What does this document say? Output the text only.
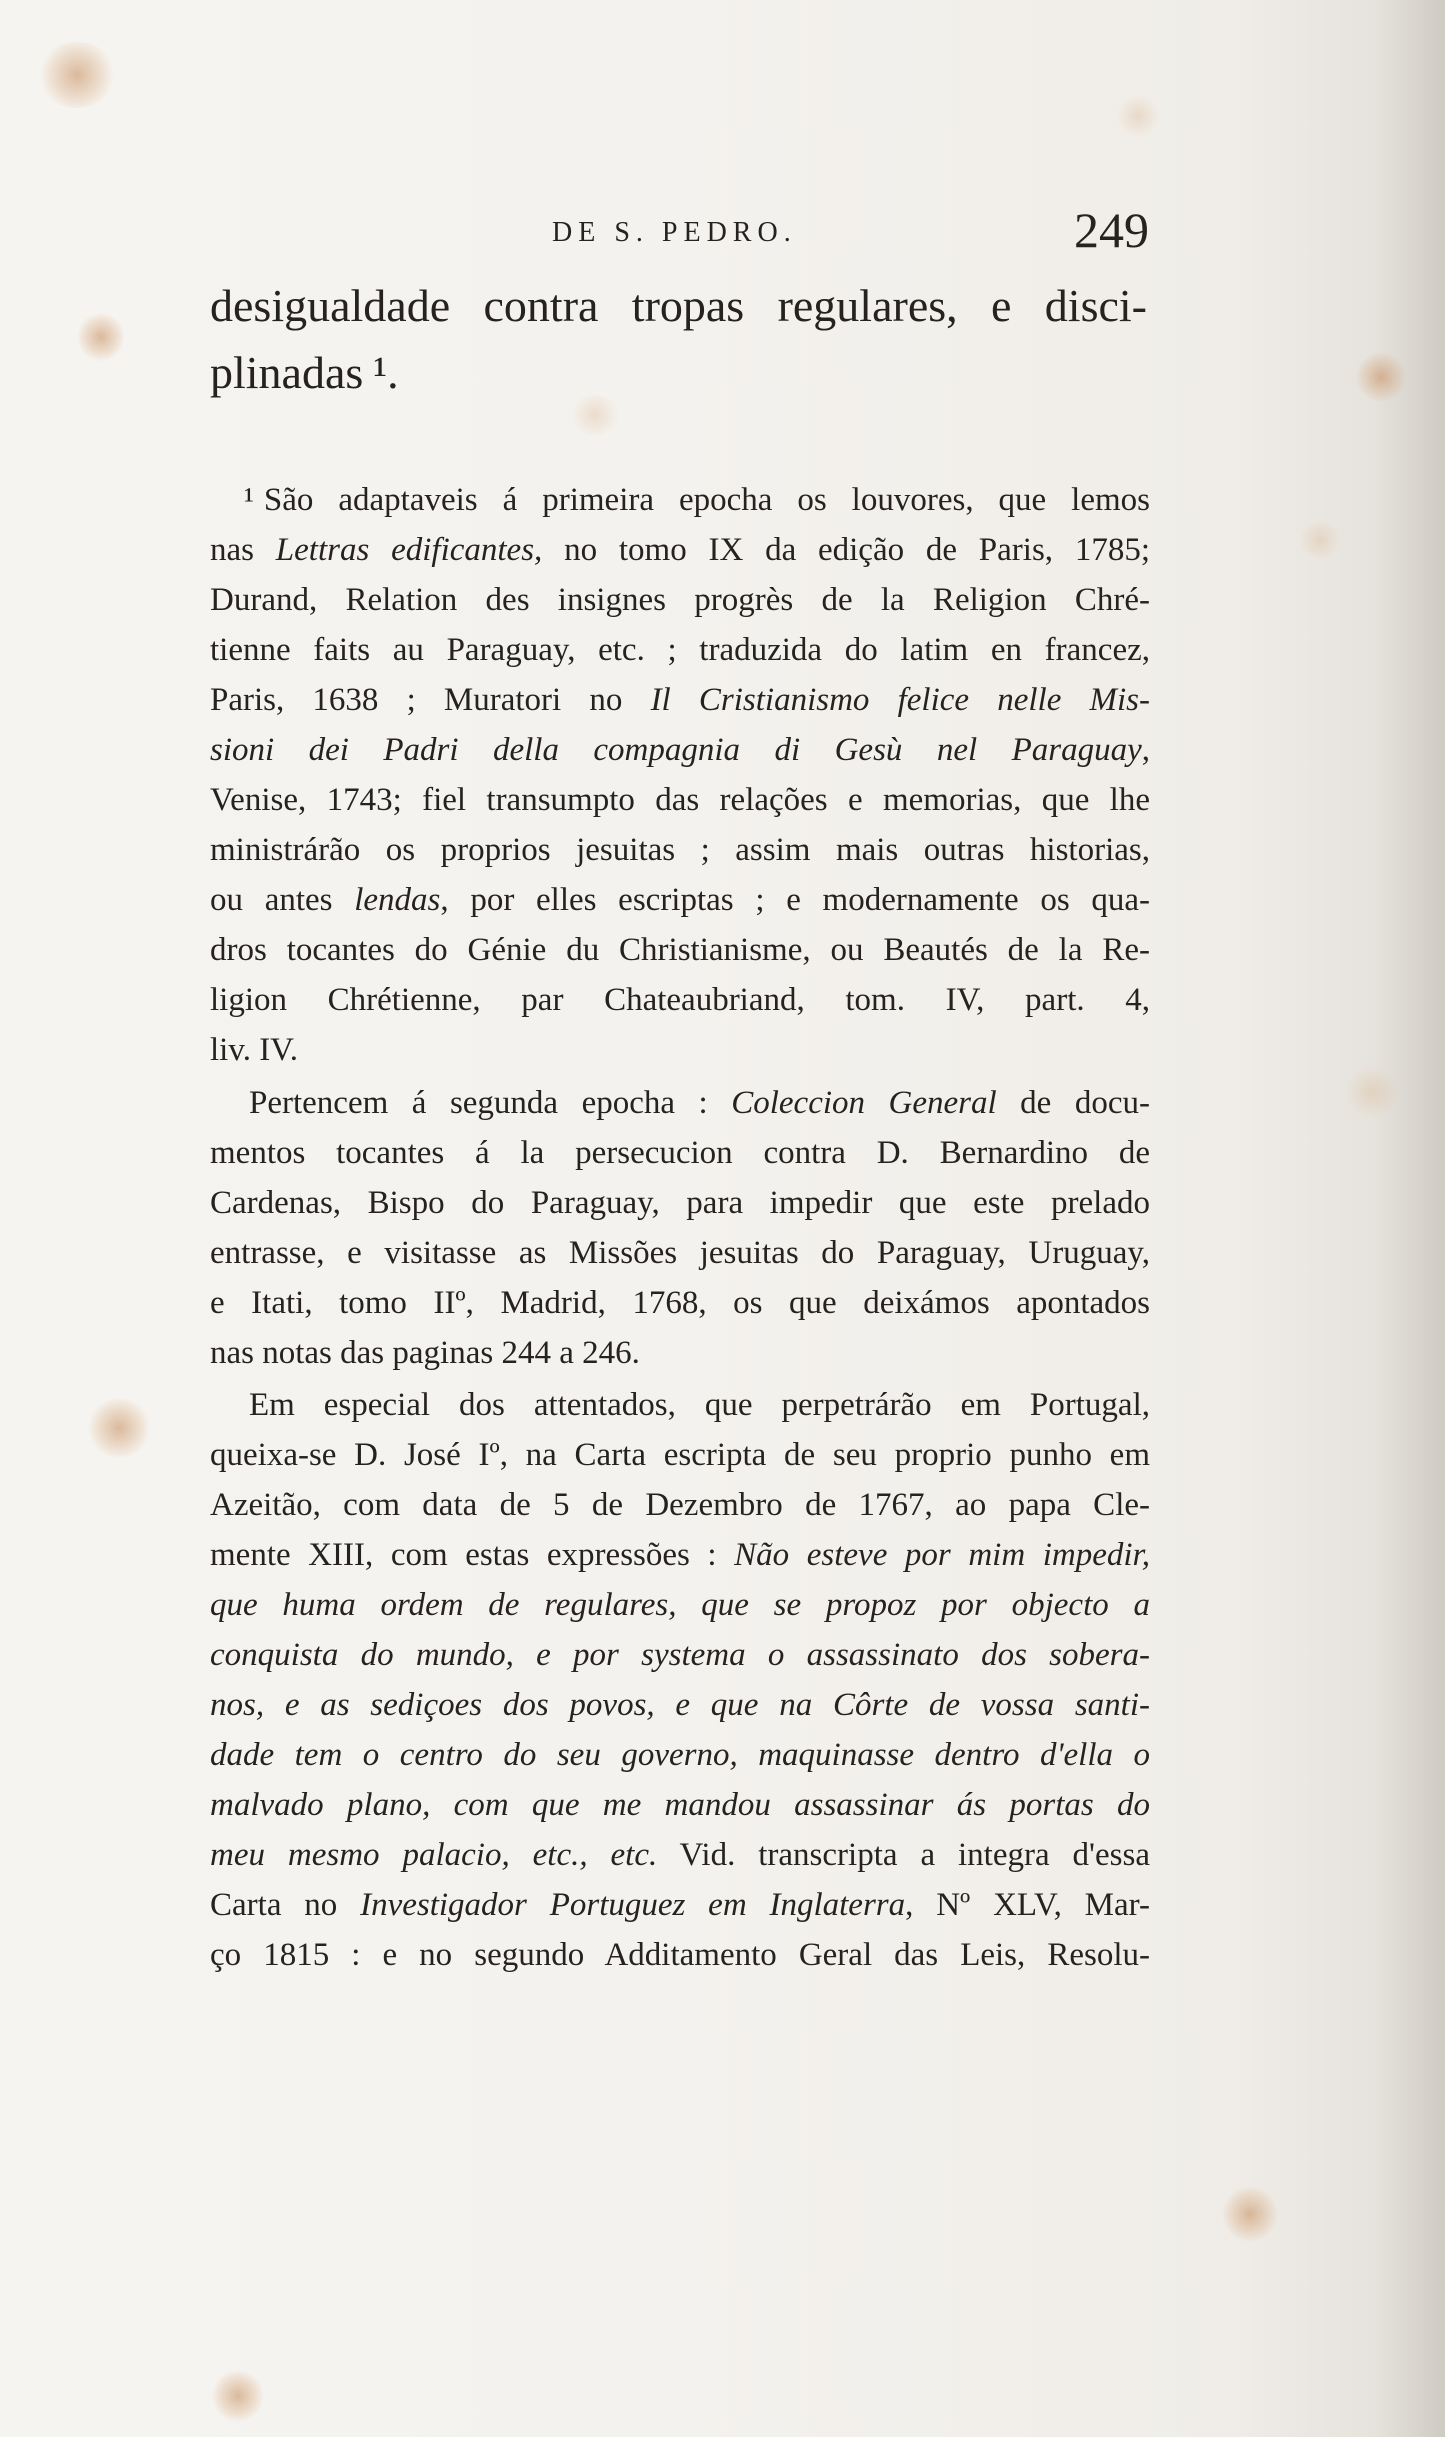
DE S. PEDRO.	249
desigualdade contra tropas regulares, e disci-
plinadas ¹.
¹ São adaptaveis á primeira epocha os louvores, que lemos
nas Lettras edificantes, no tomo IX da edição de Paris, 1785;
Durand, Relation des insignes progrès de la Religion Chré-
tienne faits au Paraguay, etc. ; traduzida do latim en francez,
Paris, 1638 ; Muratori no Il Cristianismo felice nelle Mis-
sioni dei Padri della compagnia di Gesù nel Paraguay,
Venise, 1743; fiel transumpto das relações e memorias, que lhe
ministrárão os proprios jesuitas ; assim mais outras historias,
ou antes lendas, por elles escriptas ; e modernamente os qua-
dros tocantes do Génie du Christianisme, ou Beautés de la Re-
ligion Chrétienne, par Chateaubriand, tom. IV, part. 4,
liv. IV.
Pertencem á segunda epocha : Coleccion General de docu-
mentos tocantes á la persecucion contra D. Bernardino de
Cardenas, Bispo do Paraguay, para impedir que este prelado
entrasse, e visitasse as Missões jesuitas do Paraguay, Uruguay,
e Itati, tomo IIº, Madrid, 1768, os que deixámos apontados
nas notas das paginas 244 a 246.
Em especial dos attentados, que perpetrárão em Portugal,
queixa-se D. José Iº, na Carta escripta de seu proprio punho em
Azeitão, com data de 5 de Dezembro de 1767, ao papa Cle-
mente XIII, com estas expressões : Não esteve por mim impedir,
que huma ordem de regulares, que se propoz por objecto a
conquista do mundo, e por systema o assassinato dos sobera-
nos, e as sediçoes dos povos, e que na Côrte de vossa santi-
dade tem o centro do seu governo, maquinasse dentro d'ella o
malvado plano, com que me mandou assassinar ás portas do
meu mesmo palacio, etc., etc. Vid. transcripta a integra d'essa
Carta no Investigador Portuguez em Inglaterra, Nº XLV, Mar-
ço 1815 : e no segundo Additamento Geral das Leis, Resolu-
